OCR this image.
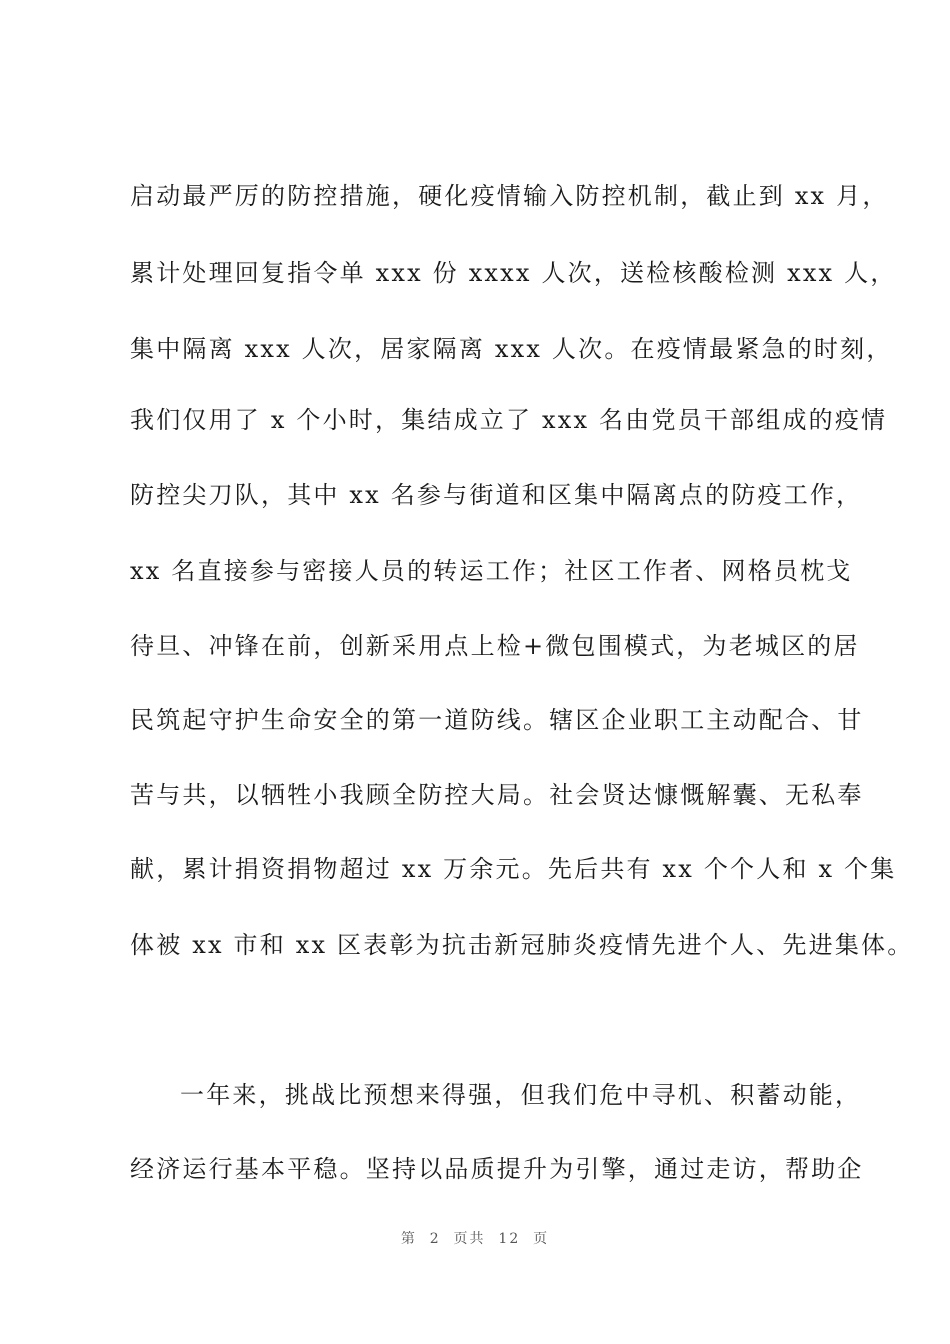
启动最严厉的防控措施，硬化疫情输入防控机制，截止到 xx 月，
累计处理回复指令单 xxx 份 xxxx 人次，送检核酸检测 xxx 人，
集中隔离 xxx 人次，居家隔离 xxx 人次。在疫情最紧急的时刻，
我们仅用了 x 个小时，集结成立了 xxx 名由党员干部组成的疫情
防控尖刀队，其中 xx 名参与街道和区集中隔离点的防疫工作，
xx 名直接参与密接人员的转运工作；社区工作者、网格员枕戈
待旦、冲锋在前，创新采用点上检+微包围模式，为老城区的居
民筑起守护生命安全的第一道防线。辖区企业职工主动配合、甘
苦与共，以牺牲小我顾全防控大局。社会贤达慷慨解囊、无私奉
献，累计捐资捐物超过 xx 万余元。先后共有 xx 个个人和 x 个集
体被 xx 市和 xx 区表彰为抗击新冠肺炎疫情先进个人、先进集体。
一年来，挑战比预想来得强，但我们危中寻机、积蓄动能，
经济运行基本平稳。坚持以品质提升为引擎，通过走访，帮助企
第  2  页共  12  页
